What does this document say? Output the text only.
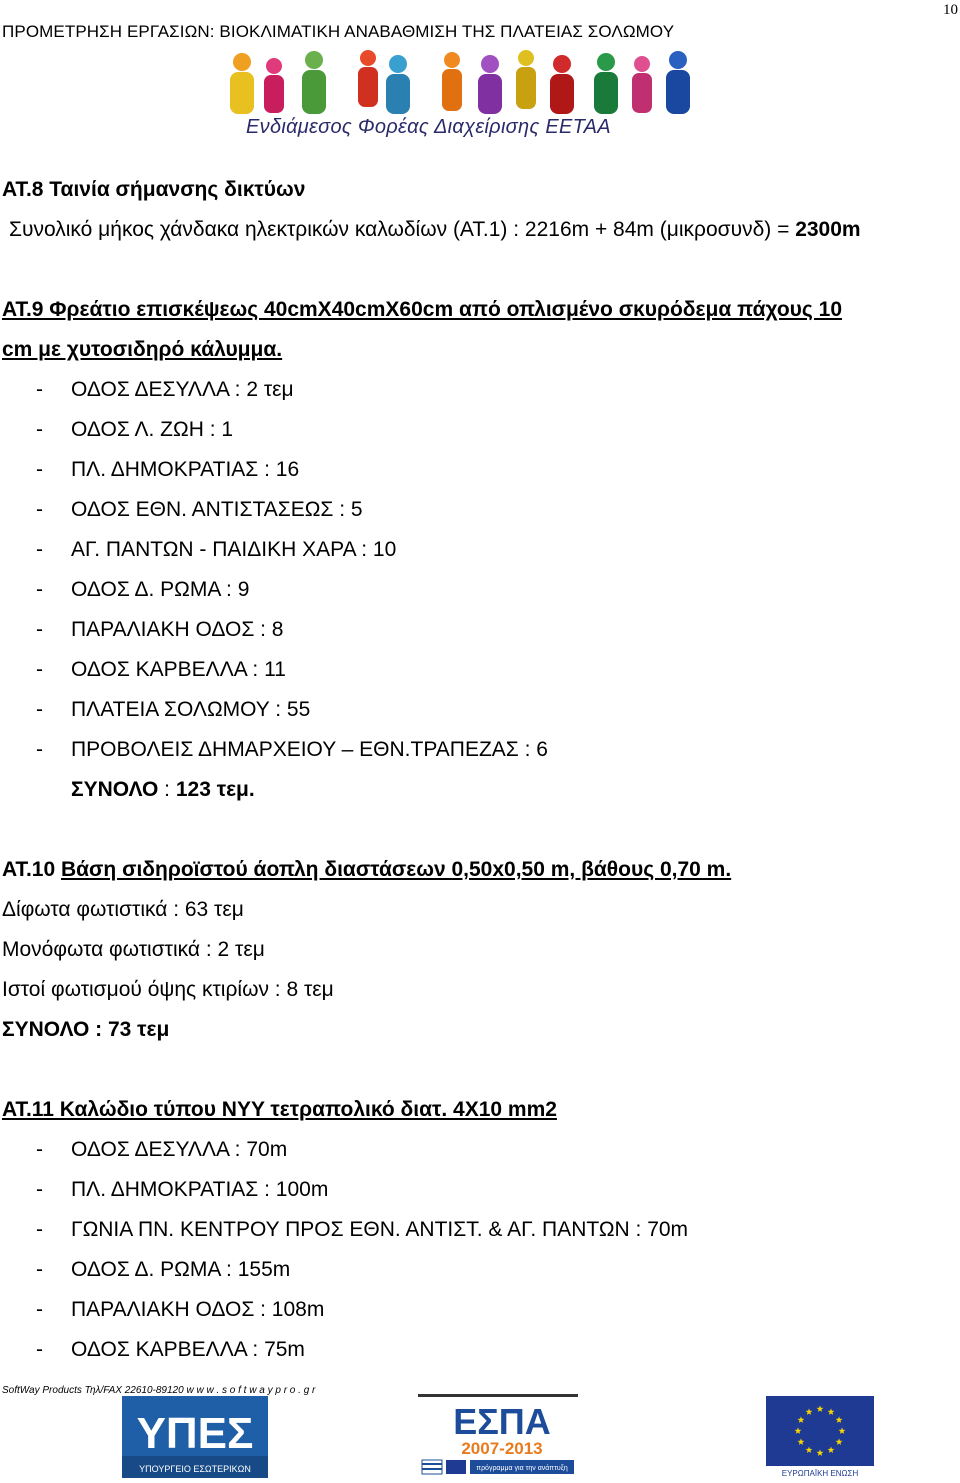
10
ΠΡΟΜΕΤΡΗΣΗ ΕΡΓΑΣΙΩΝ: ΒΙΟΚΛΙΜΑΤΙΚΗ ΑΝΑΒΑΘΜΙΣΗ ΤΗΣ ΠΛΑΤΕΙΑΣ ΣΟΛΩΜΟΥ
Ενδιάμεσος Φορέας Διαχείρισης ΕΕΤΑΑ
ΑΤ.8 Ταινία σήμανσης δικτύων
Συνολικό μήκος χάνδακα ηλεκτρικών καλωδίων (ΑΤ.1) : 2216m + 84m (μικροσυνδ) = 2300m
ΑΤ.9 Φρεάτιο επισκέψεως 40cmX40cmX60cm από οπλισμένο σκυρόδεμα πάχους 10
cm με χυτοσιδηρό κάλυμμα.
- ΟΔΟΣ ΔΕΣΥΛΛΑ : 2 τεμ
- ΟΔΟΣ Λ. ΖΩΗ : 1
- ΠΛ. ΔΗΜΟΚΡΑΤΙΑΣ : 16
- ΟΔΟΣ ΕΘΝ. ΑΝΤΙΣΤΑΣΕΩΣ : 5
- ΑΓ. ΠΑΝΤΩΝ - ΠΑΙΔΙΚΗ ΧΑΡΑ : 10
- ΟΔΟΣ Δ. ΡΩΜΑ : 9
- ΠΑΡΑΛΙΑΚΗ ΟΔΟΣ : 8
- ΟΔΟΣ ΚΑΡΒΕΛΛΑ : 11
- ΠΛΑΤΕΙΑ ΣΟΛΩΜΟΥ : 55
- ΠΡΟΒΟΛΕΙΣ ΔΗΜΑΡΧΕΙΟΥ – ΕΘΝ.ΤΡΑΠΕΖΑΣ : 6
ΣΥΝΟΛΟ : 123 τεμ.
ΑΤ.10 Βάση σιδηροϊστού άοπλη διαστάσεων 0,50x0,50 m, βάθους 0,70 m.
Δίφωτα φωτιστικά : 63 τεμ
Μονόφωτα φωτιστικά : 2 τεμ
Ιστοί φωτισμού όψης κτιρίων : 8 τεμ
ΣΥΝΟΛΟ : 73 τεμ
ΑΤ.11 Καλώδιο τύπου NYY τετραπολικό διατ. 4Χ10 mm2
- ΟΔΟΣ ΔΕΣΥΛΛΑ : 70m
- ΠΛ. ΔΗΜΟΚΡΑΤΙΑΣ : 100m
- ΓΩΝΙΑ ΠΝ. ΚΕΝΤΡΟΥ ΠΡΟΣ ΕΘΝ. ΑΝΤΙΣΤ. & ΑΓ. ΠΑΝΤΩΝ : 70m
- ΟΔΟΣ Δ. ΡΩΜΑ : 155m
- ΠΑΡΑΛΙΑΚΗ ΟΔΟΣ : 108m
- ΟΔΟΣ ΚΑΡΒΕΛΛΑ : 75m
SoftWay Products Τηλ/FAX 22610-89120 w w w . s o f t w a y p r o . g r
ΥΠΕΣ
ΥΠΟΥΡΓΕΙΟ ΕΣΩΤΕΡΙΚΩΝ
ΕΣΠΑ
2007-2013
πρόγραμμα για την ανάπτυξη
ΕΥΡΩΠΑΪΚΗ ΕΝΩΣΗ
